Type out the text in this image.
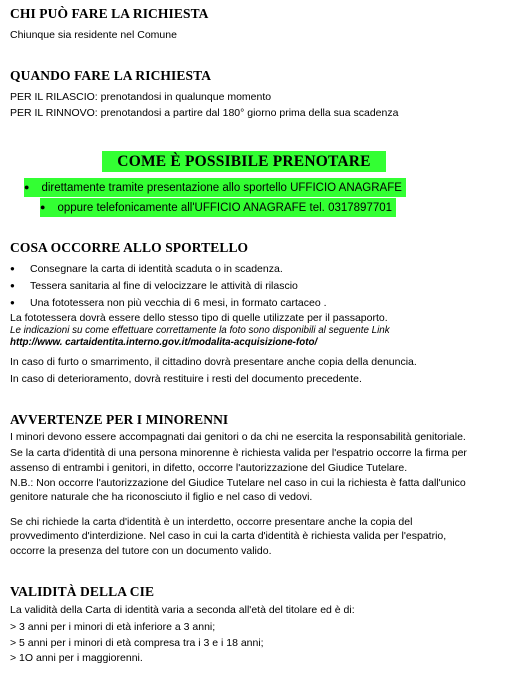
CHI PUÒ FARE LA RICHIESTA
Chiunque sia residente nel Comune
QUANDO FARE LA RICHIESTA
PER IL RILASCIO: prenotandosi in qualunque momento
PER IL RINNOVO: prenotandosi a partire dal 180° giorno prima della sua scadenza
COME È POSSIBILE PRENOTARE
● direttamente tramite presentazione allo sportello UFFICIO ANAGRAFE
● oppure telefonicamente all'UFFICIO ANAGRAFE tel. 0317897701
COSA OCCORRE ALLO SPORTELLO
● Consegnare la carta di identità scaduta o in scadenza.
● Tessera sanitaria al fine di velocizzare le attività di rilascio
● Una fototessera non più vecchia di 6 mesi, in formato cartaceo .
La fototessera dovrà essere dello stesso tipo di quelle utilizzate per il passaporto.
Le indicazioni su come effettuare correttamente la foto sono disponibili al seguente Link
http://www. cartaidentita.interno.gov.it/modalita-acquisizione-foto/
In caso di furto o smarrimento, il cittadino dovrà presentare anche copia della denuncia.
In caso di deterioramento, dovrà restituire i resti del documento precedente.
AVVERTENZE PER I MINORENNI
I minori devono essere accompagnati dai genitori o da chi ne esercita la responsabilità genitoriale.
Se la carta d'identità di una persona minorenne è richiesta valida per l'espatrio occorre la firma per
assenso di entrambi i genitori, in difetto, occorre l'autorizzazione del Giudice Tutelare.
N.B.: Non occorre l'autorizzazione del Giudice Tutelare nel caso in cui la richiesta è fatta dall'unico
genitore naturale che ha riconosciuto il figlio e nel caso di vedovi.
Se chi richiede la carta d'identità è un interdetto, occorre presentare anche la copia del
provvedimento d'interdizione. Nel caso in cui la carta d'identità è richiesta valida per l'espatrio,
occorre la presenza del tutore con un documento valido.
VALIDITÀ DELLA CIE
La validità della Carta di identità varia a seconda all'età del titolare ed è di:
> 3 anni per i minori di età inferiore a 3 anni;
> 5 anni per i minori di età compresa tra i 3 e i 18 anni;
> 1O anni per i maggiorenni.
